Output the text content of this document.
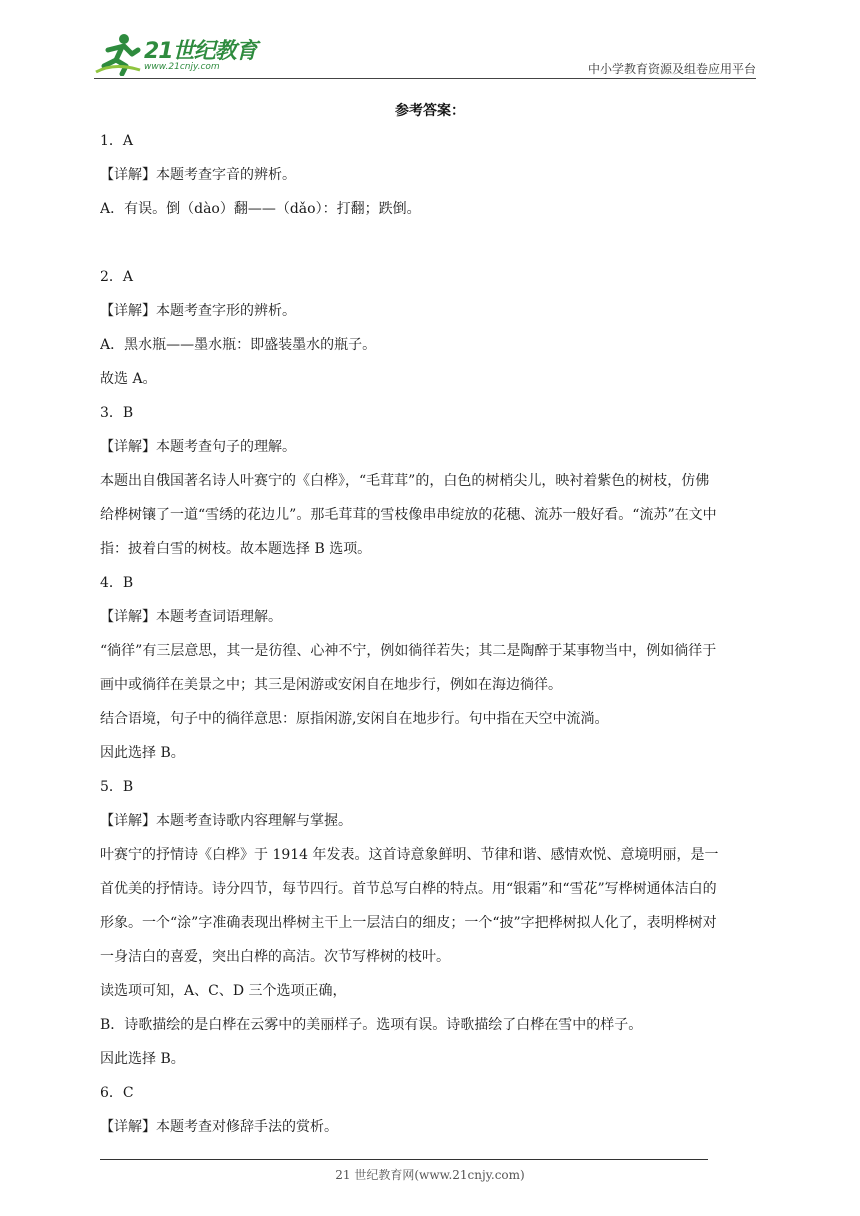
21世纪教育
www.21cnjy.com	中小学教育资源及组卷应用平台
参考答案：
1．A
【详解】本题考查字音的辨析。
A．有误。倒（dào）翻——（dǎo）：打翻；跌倒。
2．A
【详解】本题考查字形的辨析。
A．黑水瓶——墨水瓶：即盛装墨水的瓶子。
故选 A。
3．B
【详解】本题考查句子的理解。
本题出自俄国著名诗人叶赛宁的《白桦》，“毛茸茸”的，白色的树梢尖儿，映衬着紫色的树枝，仿佛
给桦树镶了一道“雪绣的花边儿”。那毛茸茸的雪枝像串串绽放的花穗、流苏一般好看。“流苏”在文中
指：披着白雪的树枝。故本题选择 B 选项。
4．B
【详解】本题考查词语理解。
“徜徉”有三层意思，其一是彷徨、心神不宁，例如徜徉若失；其二是陶醉于某事物当中，例如徜徉于
画中或徜徉在美景之中；其三是闲游或安闲自在地步行，例如在海边徜徉。
结合语境，句子中的徜徉意思：原指闲游,安闲自在地步行。句中指在天空中流淌。
因此选择 B。
5．B
【详解】本题考查诗歌内容理解与掌握。
叶赛宁的抒情诗《白桦》于 1914 年发表。这首诗意象鲜明、节律和谐、感情欢悦、意境明丽，是一
首优美的抒情诗。诗分四节，每节四行。首节总写白桦的特点。用“银霜”和“雪花”写桦树通体洁白的
形象。一个“涂”字准确表现出桦树主干上一层洁白的细皮；一个“披”字把桦树拟人化了，表明桦树对
一身洁白的喜爱，突出白桦的高洁。次节写桦树的枝叶。
读选项可知，A、C、D 三个选项正确，
B．诗歌描绘的是白桦在云雾中的美丽样子。选项有误。诗歌描绘了白桦在雪中的样子。
因此选择 B。
6．C
【详解】本题考查对修辞手法的赏析。
21 世纪教育网(www.21cnjy.com)
